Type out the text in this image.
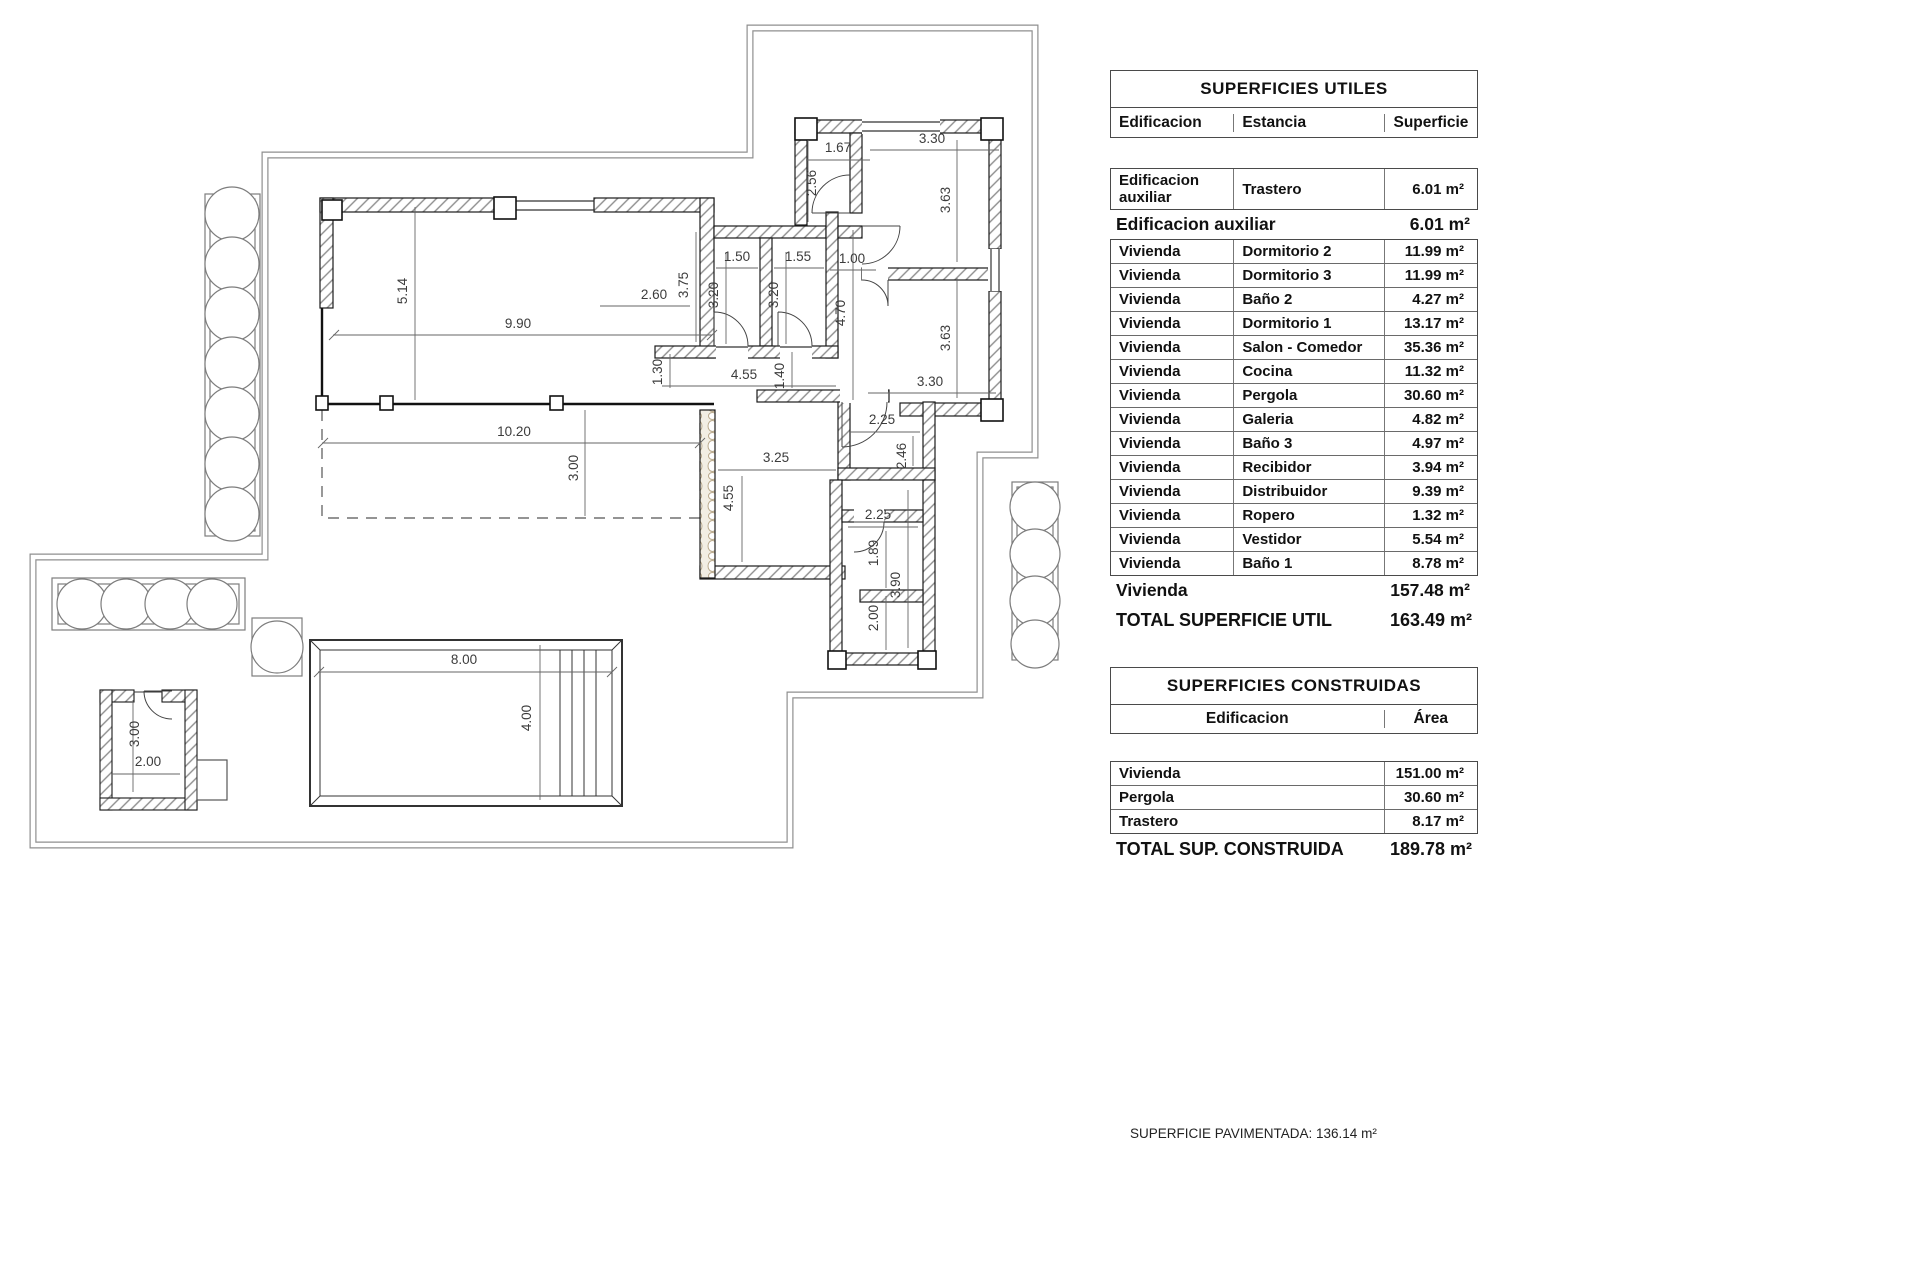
1.67
3.30
2.56
3.63
1.50	1.55 1.00
2.60 3.75 3.20	3.20
4.70
5.14
9.90
3.63
3.30
1.30	4.55 1.40
10.20
3.00
2.25
2.46
3.25
4.55
2.25
1.89
3.90
2.00
8.00
4.00
3.00
2.00
SUPERFICIES UTILES
Edificacion	Estancia	Superficie
Edificacion auxiliar	Trastero	6.01 m²
Edificacion auxiliar	6.01 m²
Vivienda	Dormitorio 2	11.99 m²
Vivienda	Dormitorio 3	11.99 m²
Vivienda	Baño 2	4.27 m²
Vivienda	Dormitorio 1	13.17 m²
Vivienda	Salon - Comedor	35.36 m²
Vivienda	Cocina	11.32 m²
Vivienda	Pergola	30.60 m²
Vivienda	Galeria	4.82 m²
Vivienda	Baño 3	4.97 m²
Vivienda	Recibidor	3.94 m²
Vivienda	Distribuidor	9.39 m²
Vivienda	Ropero	1.32 m²
Vivienda	Vestidor	5.54 m²
Vivienda	Baño 1	8.78 m²
Vivienda	157.48 m²
TOTAL SUPERFICIE UTIL	163.49 m²
SUPERFICIES CONSTRUIDAS
Edificacion	Área
Vivienda	151.00 m²
Pergola	30.60 m²
Trastero	8.17 m²
TOTAL SUP. CONSTRUIDA	189.78 m²
SUPERFICIE PAVIMENTADA: 136.14 m²
